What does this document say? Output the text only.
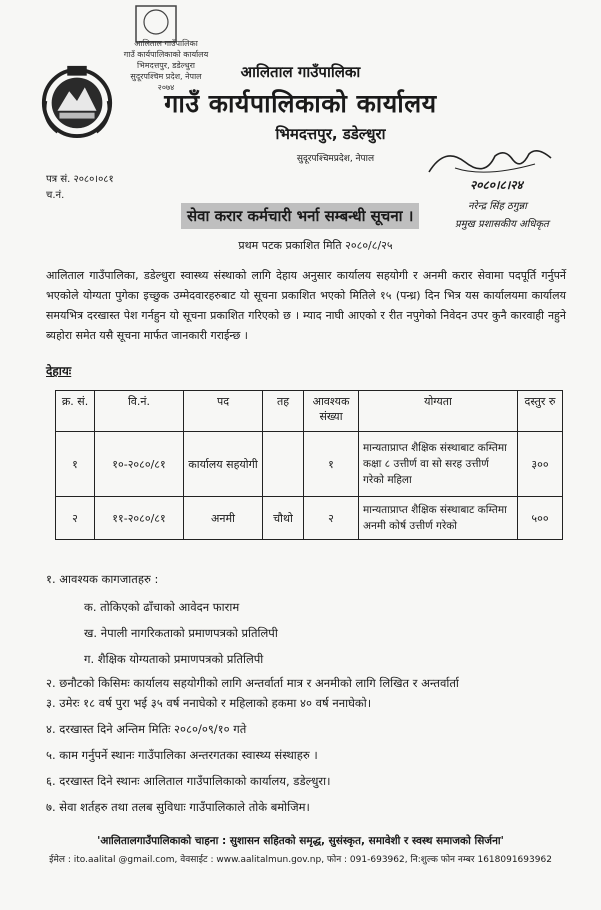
आलिताल गाउँपालिका
गाउँ कार्यपालिकाको कार्यालय
भिमदत्तपुर, डडेल्धुरा
सुदूरपश्चिम प्रदेश, नेपाल
२०७४
आलिताल गाउँपालिका
गाउँ कार्यपालिकाको कार्यालय
भिमदत्तपुर, डडेल्धुरा
सुदूरपश्चिमप्रदेश, नेपाल
पत्र सं. २०८०।०८१
च.नं.
२०८०।८।२४
नरेन्द्र सिंह ठगुन्ना
प्रमुख प्रशासकीय अधिकृत
सेवा करार कर्मचारी भर्ना सम्बन्धी सूचना ।
प्रथम पटक प्रकाशित मिति २०८०/८/२५
आलिताल गाउँपालिका, डडेल्धुरा स्वास्थ्य संस्थाको लागि देहाय अनुसार कार्यालय सहयोगी र अनमी करार सेवामा पदपूर्ति गर्नुपर्ने भएकोले योग्यता पुगेका इच्छुक उम्मेदवारहरुबाट यो सूचना प्रकाशित भएको मितिले १५ (पन्ध्र) दिन भित्र यस कार्यालयमा कार्यालय समयभित्र दरखास्त पेश गर्नहुन यो सूचना प्रकाशित गरिएको छ । म्याद नाघी आएको र रीत नपुगेको निवेदन उपर कुनै कारवाही नहुने ब्यहोरा समेत यसै सूचना मार्फत जानकारी गराईन्छ ।
देहायः
क्र. सं.	वि.नं.	पद	तह	आवश्यक संख्या	योग्यता	दस्तुर रु
१	१०-२०८०/८१	कार्यालय सहयोगी		१	मान्यताप्राप्त शैक्षिक संस्थाबाट कम्तिमा कक्षा ८ उत्तीर्ण वा सो सरह उत्तीर्ण गरेको महिला	३००
२	११-२०८०/८१	अनमी	चौथो	२	मान्यताप्राप्त शैक्षिक संस्थाबाट कम्तिमा अनमी कोर्ष उत्तीर्ण गरेको	५००
१. आवश्यक कागजातहरु :
क. तोकिएको ढाँचाको आवेदन फाराम
ख. नेपाली नागरिकताको प्रमाणपत्रको प्रतिलिपी
ग. शैक्षिक योग्यताको प्रमाणपत्रको प्रतिलिपी
२. छनौटको किसिमः कार्यालय सहयोगीको लागि अन्तर्वार्ता मात्र र अनमीको लागि लिखित र अन्तर्वार्ता
३. उमेरः १८ वर्ष पुरा भई ३५ वर्ष ननाघेको र महिलाको हकमा ४० वर्ष ननाघेको।
४. दरखास्त दिने अन्तिम मितिः २०८०/०९/१० गते
५. काम गर्नुपर्ने स्थानः गाउँपालिका अन्तरगतका स्वास्थ्य संस्थाहरु ।
६. दरखास्त दिने स्थानः आलिताल गाउँपालिकाको कार्यालय, डडेल्धुरा।
७. सेवा शर्तहरु तथा तलब सुविधाः गाउँपालिकाले तोके बमोजिम।
'आलितालगाउँपालिकाको चाहना : सुशासन सहितको समृद्ध, सुसंस्कृत, समावेशी र स्वस्थ समाजको सिर्जना'
ईमेल : ito.aalital @gmail.com, वेवसाईट : www.aalitalmun.gov.np, फोन : 091-693962, नि:शुल्क फोन नम्बर 1618091693962
